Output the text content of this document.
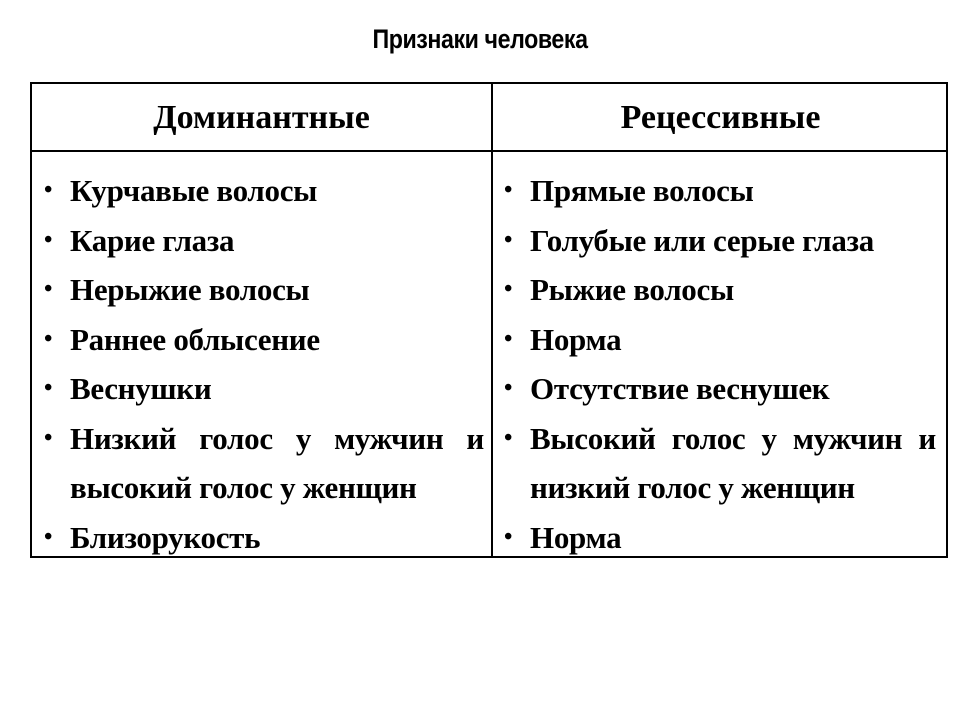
Признаки человека
Доминантные	Рецессивные
• Курчавые волосы
• Карие глаза
• Нерыжие волосы
• Раннее облысение
• Веснушки
• Низкий голос у мужчин и высокий голос у женщин
• Близорукость
• Прямые волосы
• Голубые или серые глаза
• Рыжие волосы
• Норма
• Отсутствие веснушек
• Высокий голос у мужчин и низкий голос у женщин
• Норма
